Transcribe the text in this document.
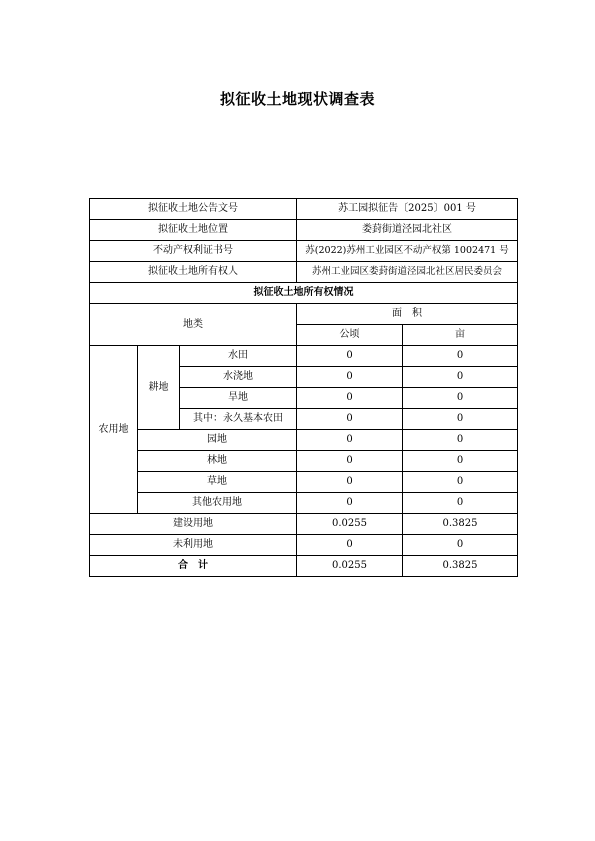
拟征收土地现状调查表
拟征收土地公告文号			苏工园拟征告〔2025〕001 号	
拟征收土地位置			娄葑街道泾园北社区	
不动产权利证书号			苏(2022)苏州工业园区不动产权第 1002471 号	
拟征收土地所有权人			苏州工业园区娄葑街道泾园北社区居民委员会	
拟征收土地所有权情况				
地类			面　积	
			公顷	亩
农用地	耕地	水田	0	0
		水浇地	0	0
		旱地	0	0
		其中：永久基本农田	0	0
	园地		0	0
	林地		0	0
	草地		0	0
	其他农用地		0	0
建设用地			0.0255	0.3825
未利用地			0	0
合　计			0.0255	0.3825
